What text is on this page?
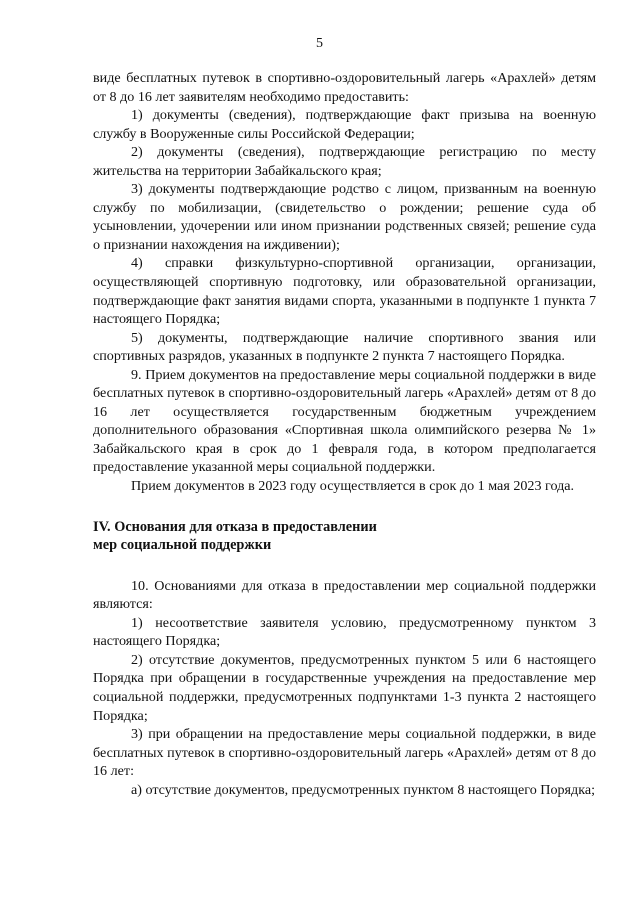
5

виде бесплатных путевок в спортивно-оздоровительный лагерь «Арахлей» детям от 8 до 16 лет заявителям необходимо предоставить:

1) документы (сведения), подтверждающие факт призыва на военную службу в Вооруженные силы Российской Федерации;

2) документы (сведения), подтверждающие регистрацию по месту жительства на территории Забайкальского края;

3) документы подтверждающие родство с лицом, призванным на военную службу по мобилизации, (свидетельство о рождении; решение суда об усыновлении, удочерении или ином признании родственных связей; решение суда о признании нахождения на иждивении);

4) справки физкультурно-спортивной организации, организации, осуществляющей спортивную подготовку, или образовательной организации, подтверждающие факт занятия видами спорта, указанными в подпункте 1 пункта 7 настоящего Порядка;

5) документы, подтверждающие наличие спортивного звания или спортивных разрядов, указанных в подпункте 2 пункта 7 настоящего Порядка.

9. Прием документов на предоставление меры социальной поддержки в виде бесплатных путевок в спортивно-оздоровительный лагерь «Арахлей» детям от 8 до 16 лет осуществляется государственным бюджетным учреждением дополнительного образования «Спортивная школа олимпийского резерва № 1» Забайкальского края в срок до 1 февраля года, в котором предполагается предоставление указанной меры социальной поддержки.

Прием документов в 2023 году осуществляется в срок до 1 мая 2023 года.

IV. Основания для отказа в предоставлении

мер социальной поддержки

10. Основаниями для отказа в предоставлении мер социальной поддержки являются:

1) несоответствие заявителя условию, предусмотренному пунктом 3 настоящего Порядка;

2) отсутствие документов, предусмотренных пунктом 5 или 6 настоящего Порядка при обращении в государственные учреждения на предоставление мер социальной поддержки, предусмотренных подпунктами 1-3 пункта 2 настоящего Порядка;

3) при обращении на предоставление меры социальной поддержки, в виде бесплатных путевок в спортивно-оздоровительный лагерь «Арахлей» детям от 8 до 16 лет:

а) отсутствие документов, предусмотренных пунктом 8 настоящего Порядка;
